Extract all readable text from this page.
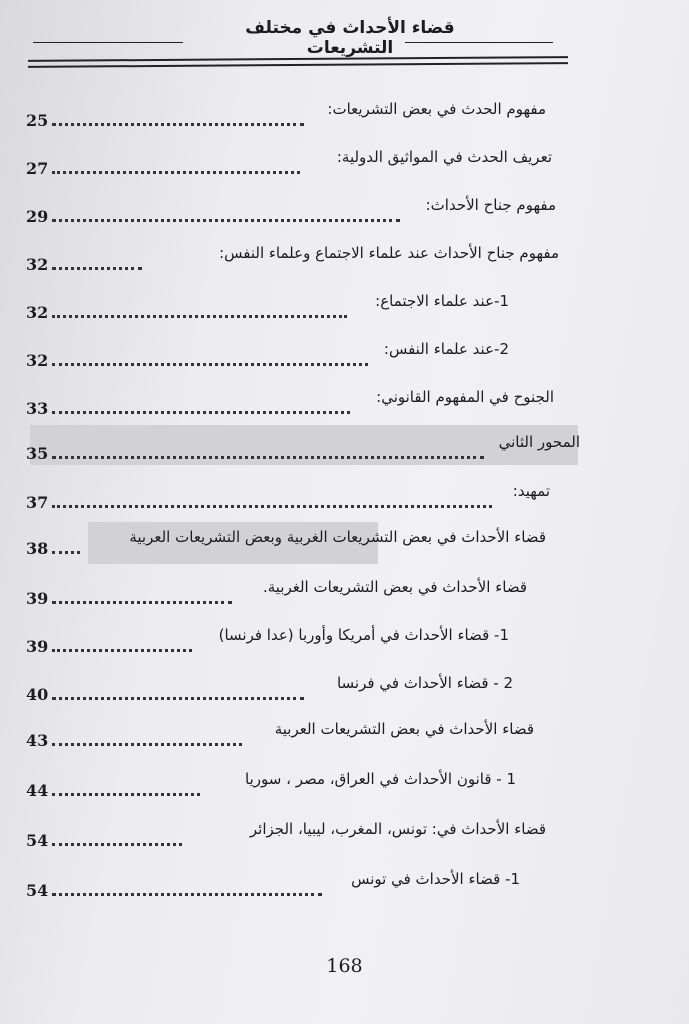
قضاء الأحداث في مختلف التشريعات
25
مفهوم الحدث في بعض التشريعات:
27
تعريف الحدث في المواثيق الدولية:
29
مفهوم جناح الأحداث:
32
مفهوم جناح الأحداث عند علماء الاجتماع وعلماء النفس:
32
1-عند علماء الاجتماع:
32
2-عند علماء النفس:
33
الجنوح في المفهوم القانوني:
35
المحور الثاني
37
تمهيد:
38
قضاء الأحداث في بعض التشريعات الغربية وبعض التشريعات العربية
39
قضاء الأحداث في بعض التشريعات الغربية.
39
1- قضاء الأحداث في أمريكا وأوربا (عدا فرنسا)
40
2 - قضاء الأحداث في فرنسا
43
قضاء الأحداث في بعض التشريعات العربية
44
1 - قانون الأحداث في العراق، مصر ، سوريا
54
قضاء الأحداث في: تونس، المغرب، ليبيا، الجزائر
54
1- قضاء الأحداث في تونس
168
